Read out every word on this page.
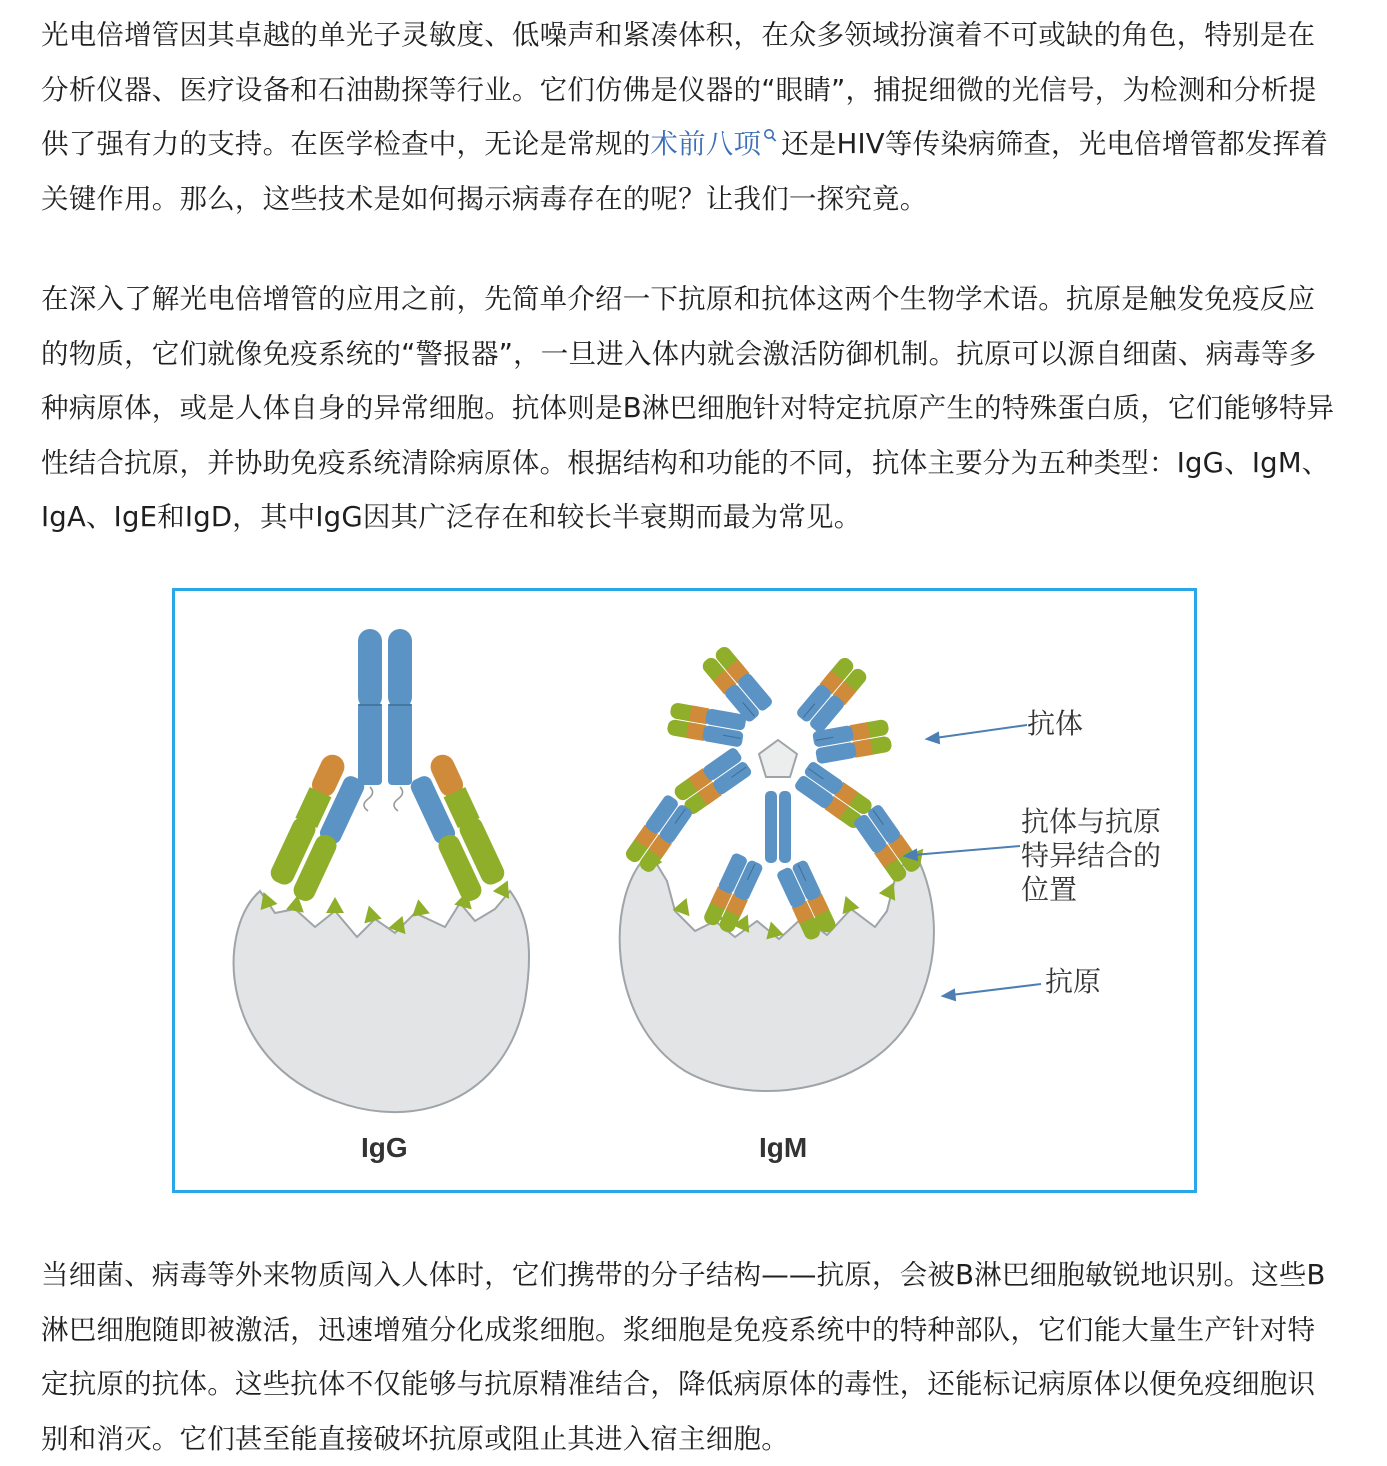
光电倍增管因其卓越的单光子灵敏度、低噪声和紧凑体积，在众多领域扮演着不可或缺的角色，特别是在分析仪器、医疗设备和石油勘探等行业。它们仿佛是仪器的“眼睛”，捕捉细微的光信号，为检测和分析提供了强有力的支持。在医学检查中，无论是常规的术前八项 还是HIV等传染病筛查，光电倍增管都发挥着关键作用。那么，这些技术是如何揭示病毒存在的呢？让我们一探究竟。

在深入了解光电倍增管的应用之前，先简单介绍一下抗原和抗体这两个生物学术语。抗原是触发免疫反应的物质，它们就像免疫系统的“警报器”，一旦进入体内就会激活防御机制。抗原可以源自细菌、病毒等多种病原体，或是人体自身的异常细胞。抗体则是B淋巴细胞针对特定抗原产生的特殊蛋白质，它们能够特异性结合抗原，并协助免疫系统清除病原体。根据结构和功能的不同，抗体主要分为五种类型：IgG、IgM、IgA、IgE和IgD，其中IgG因其广泛存在和较长半衰期而最为常见。

抗体
抗体与抗原
特异结合的
位置
抗原
IgG	IgM

当细菌、病毒等外来物质闯入人体时，它们携带的分子结构——抗原，会被B淋巴细胞敏锐地识别。这些B淋巴细胞随即被激活，迅速增殖分化成浆细胞。浆细胞是免疫系统中的特种部队，它们能大量生产针对特定抗原的抗体。这些抗体不仅能够与抗原精准结合，降低病原体的毒性，还能标记病原体以便免疫细胞识别和消灭。它们甚至能直接破坏抗原或阻止其进入宿主细胞。
